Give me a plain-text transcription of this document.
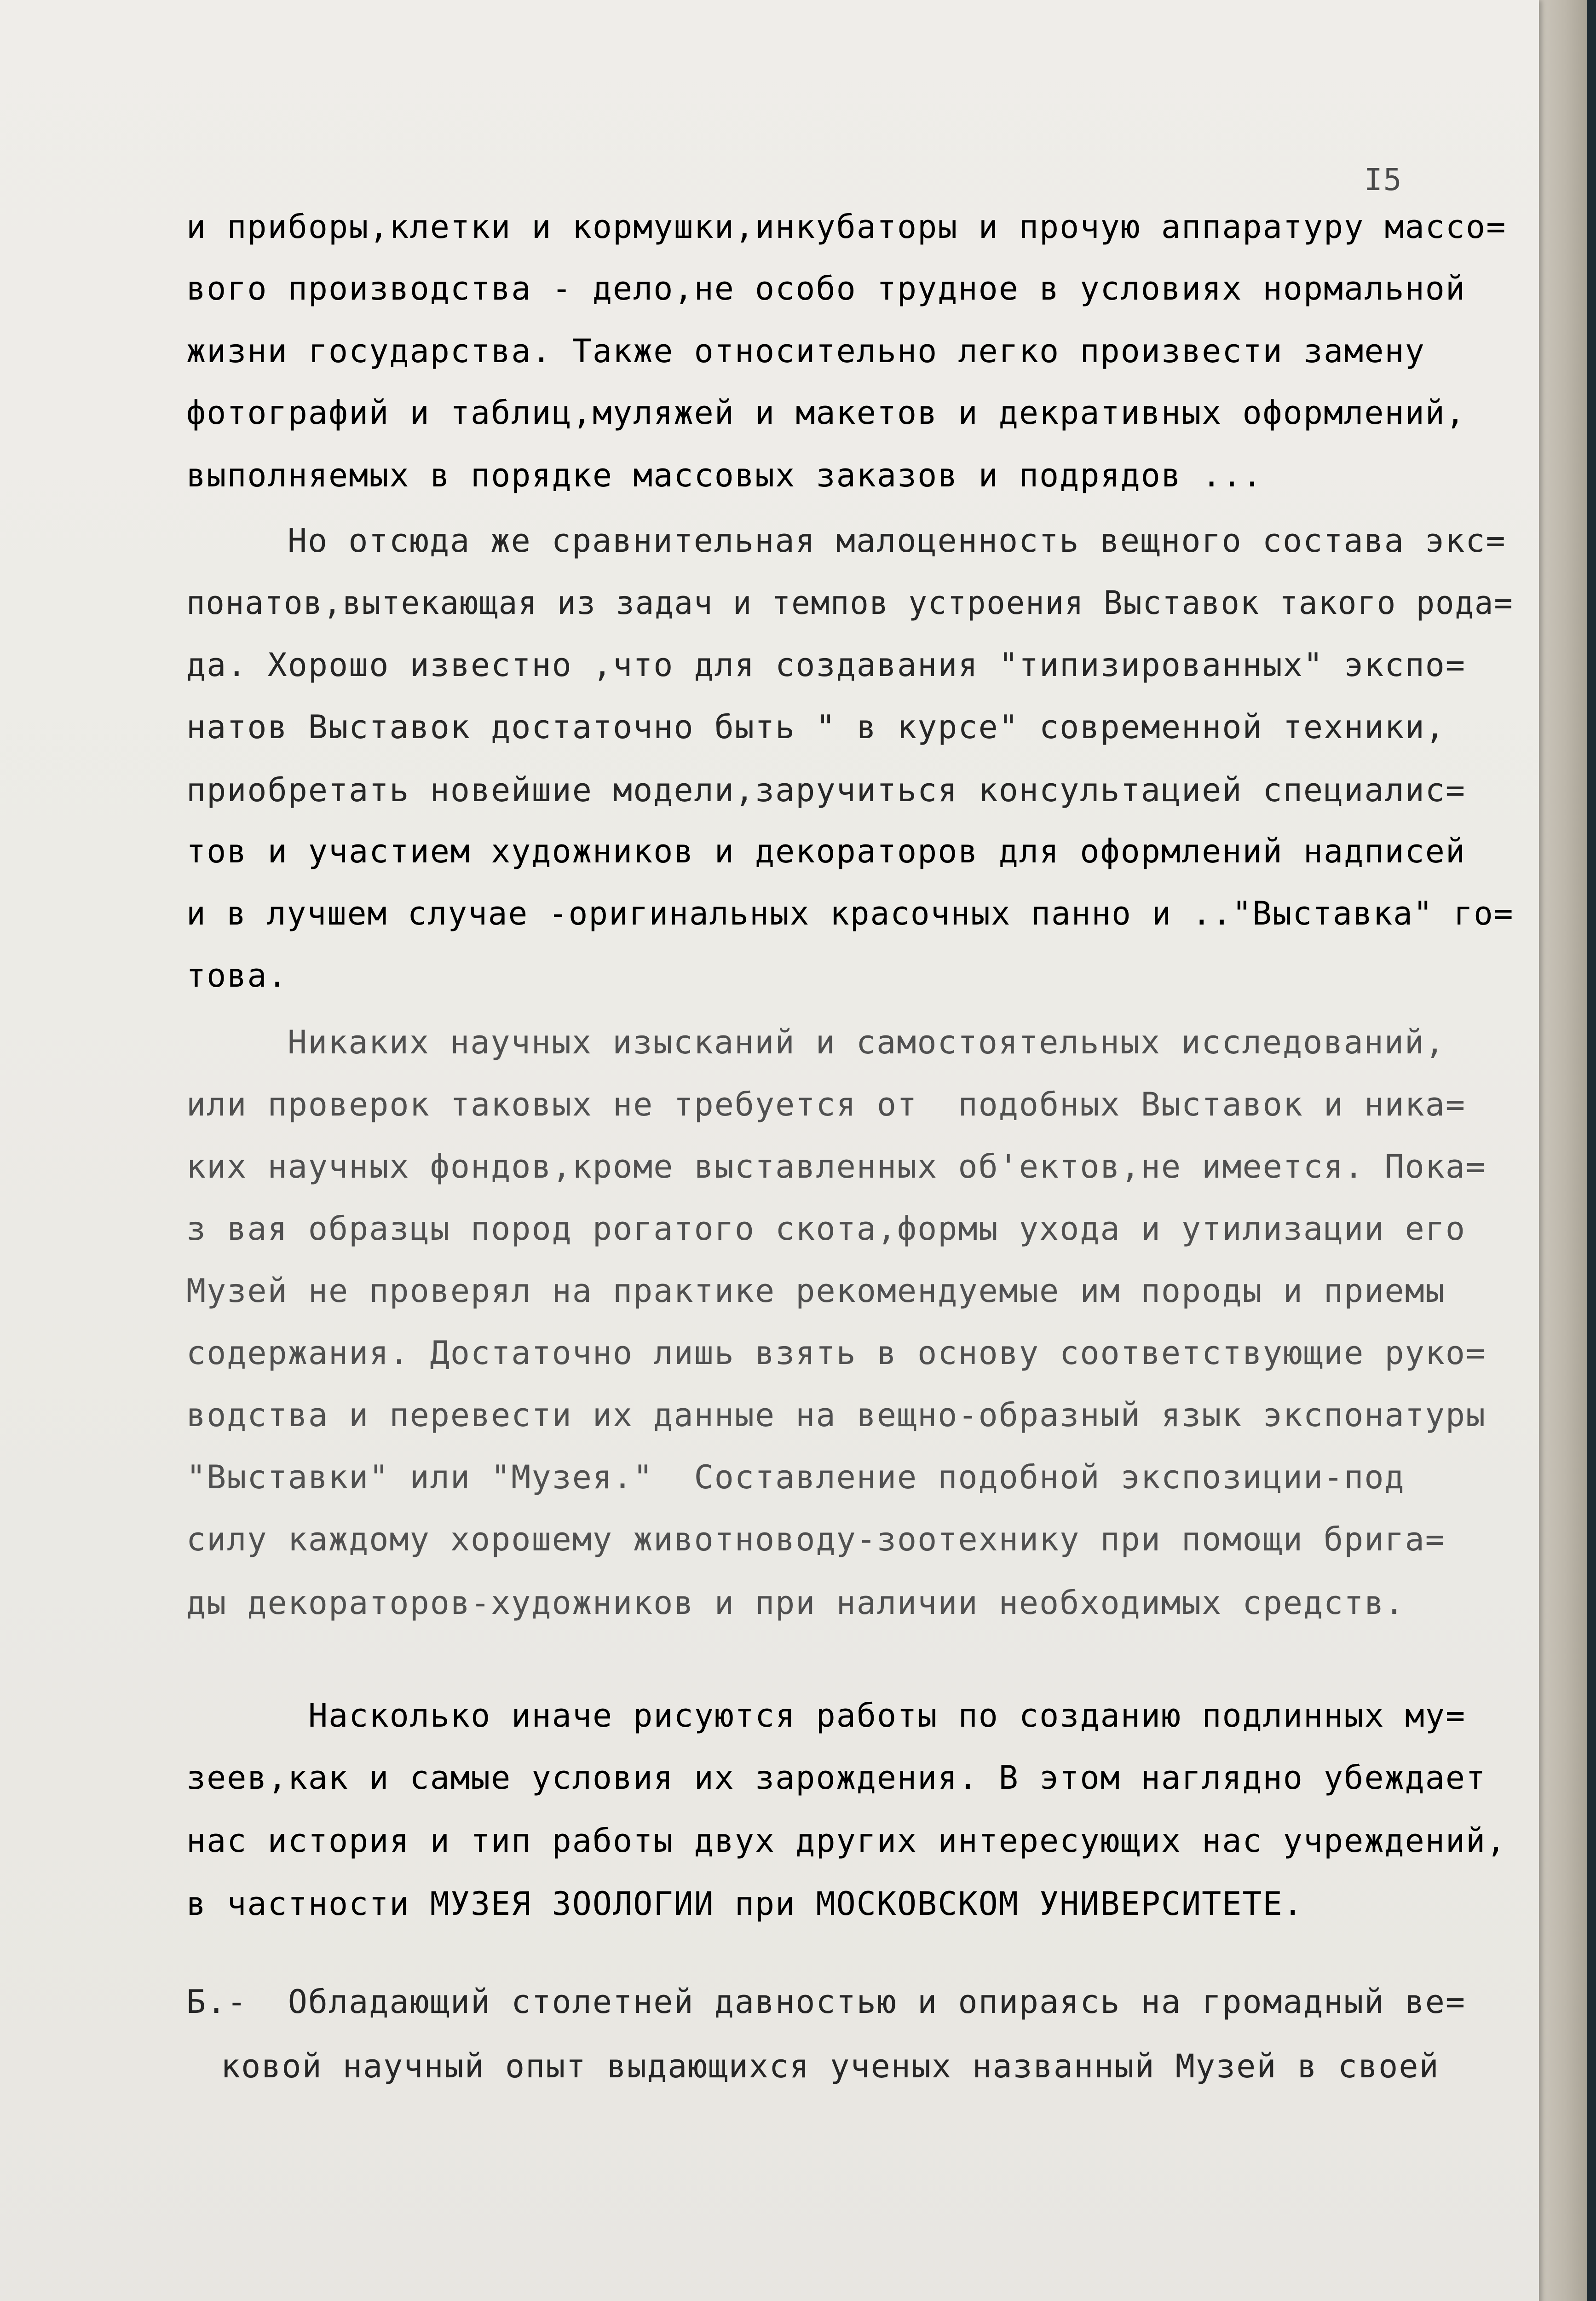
I5
и приборы,клетки и кормушки,инкубаторы и прочую аппаратуру массо=
вого производства - дело,не особо трудное в условиях нормальной
жизни государства. Также относительно легко произвести замену
фотографий и таблиц,муляжей и макетов и декративных оформлений,
выполняемых в порядке массовых заказов и подрядов ...
Но отсюда же сравнительная малоценность вещного состава экс=
понатов,вытекающая из задач и темпов устроения Выставок такого рода=
да. Хорошо известно ,что для создавания "типизированных" экспо=
натов Выставок достаточно быть " в курсе" современной техники,
приобретать новейшие модели,заручиться консультацией специалис=
тов и участием художников и декораторов для оформлений надписей
и в лучшем случае -оригинальных красочных панно и .."Выставка" го=
това.
Никаких научных изысканий и самостоятельных исследований,
или проверок таковых не требуется от  подобных Выставок и ника=
ких научных фондов,кроме выставленных об'ектов,не имеется. Пока=
з вая образцы пород рогатого скота,формы ухода и утилизации его
Музей не проверял на практике рекомендуемые им породы и приемы
содержания. Достаточно лишь взять в основу соответствующие руко=
водства и перевести их данные на вещно-образный язык экспонатуры
"Выставки" или "Музея."  Составление подобной экспозиции-под
силу каждому хорошему животноводу-зоотехнику при помощи брига=
ды декораторов-художников и при наличии необходимых средств.
Насколько иначе рисуются работы по созданию подлинных му=
зеев,как и самые условия их зарождения. В этом наглядно убеждает
нас история и тип работы двух других интересующих нас учреждений,
в частности МУЗЕЯ ЗООЛОГИИ при МОСКОВСКОМ УНИВЕРСИТЕТЕ.
Б.-  Обладающий столетней давностью и опираясь на громадный ве=
ковой научный опыт выдающихся ученых названный Музей в своей
